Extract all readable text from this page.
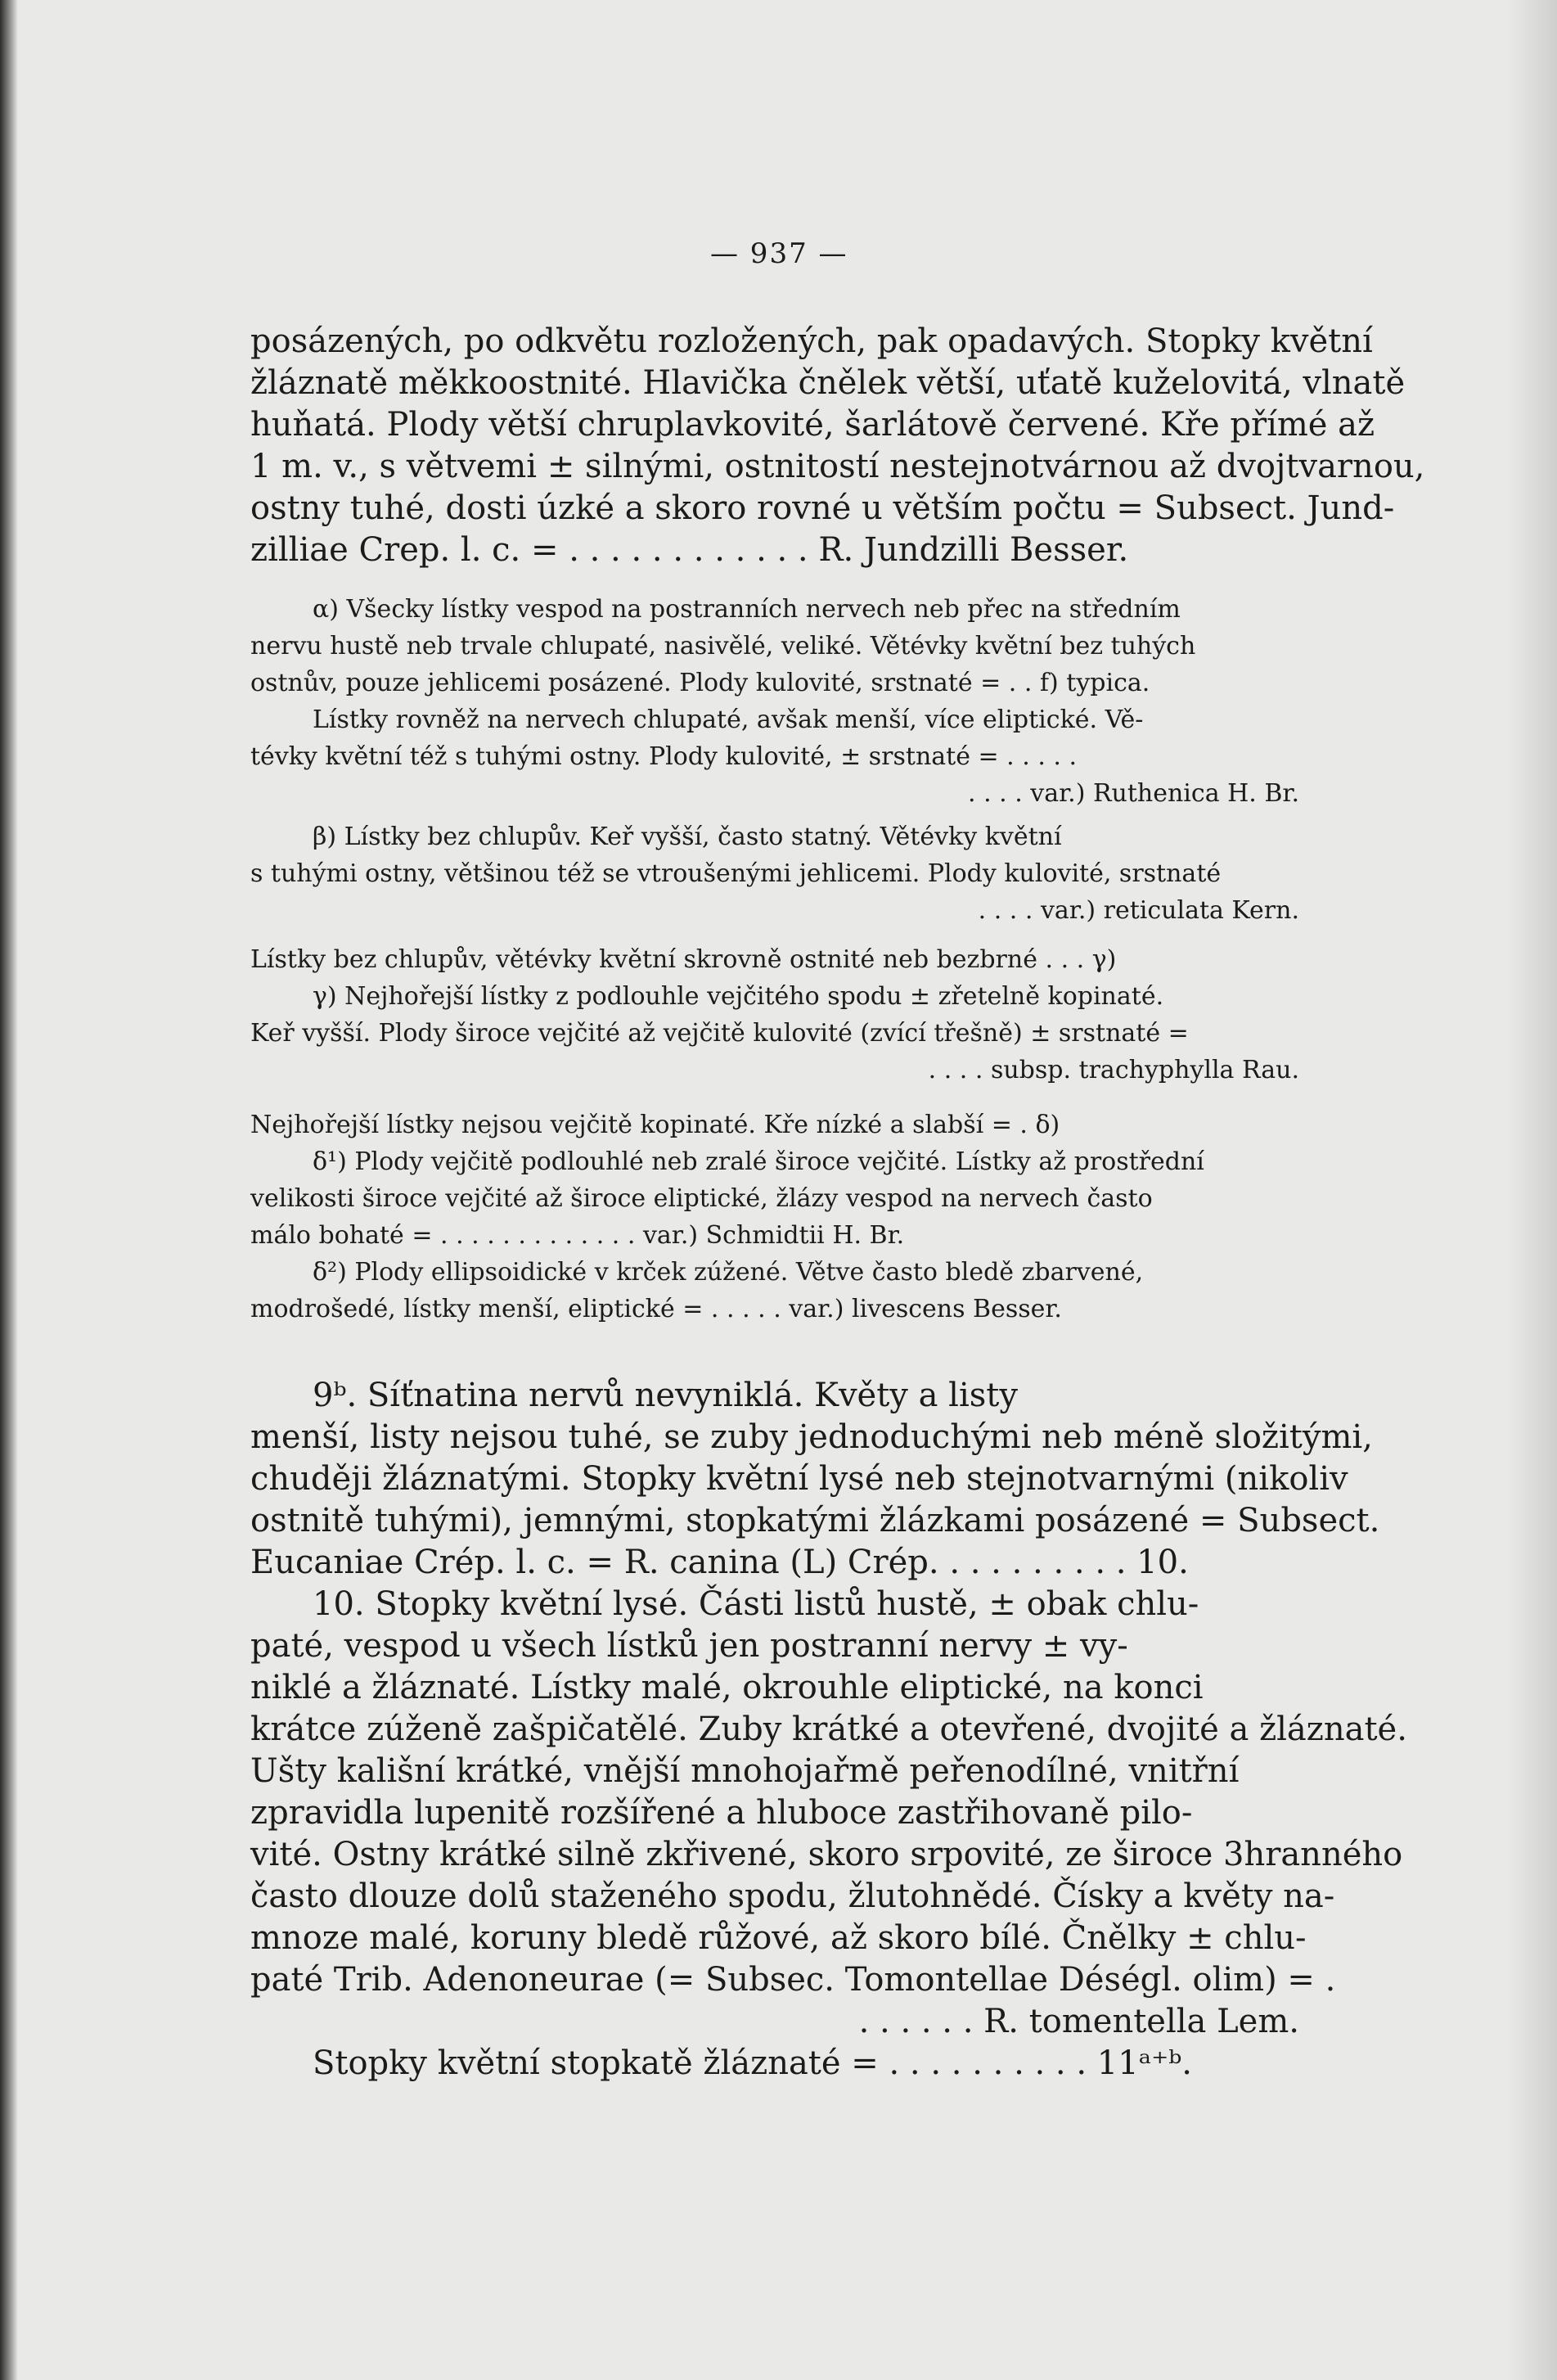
— 937 —
posázených, po odkvětu rozložených, pak opadavých. Stopky květní
žláznatě měkkoostnité. Hlavička čnělek větší, uťatě kuželovitá, vlnatě
huňatá. Plody větší chruplavkovité, šarlátově červené. Kře přímé až
1 m. v., s větvemi ± silnými, ostnitostí nestejnotvárnou až dvojtvarnou,
ostny tuhé, dosti úzké a skoro rovné u větším počtu = Subsect. Jund-
zilliae Crep. l. c. = . . . . . . . . . . . . R. Jundzilli Besser.
α) Všecky lístky vespod na postranních nervech neb přec na středním
nervu hustě neb trvale chlupaté, nasivělé, veliké. Větévky květní bez tuhých
ostnův, pouze jehlicemi posázené. Plody kulovité, srstnaté = . . f) typica.
Lístky rovněž na nervech chlupaté, avšak menší, více eliptické. Vě-
tévky květní též s tuhými ostny. Plody kulovité, ± srstnaté = . . . . .
. . . . var.) Ruthenica H. Br.
β) Lístky bez chlupův. Keř vyšší, často statný. Větévky květní
s tuhými ostny, většinou též se vtroušenými jehlicemi. Plody kulovité, srstnaté
. . . . var.) reticulata Kern.
Lístky bez chlupův, větévky květní skrovně ostnité neb bezbrné . . . γ)
γ) Nejhořejší lístky z podlouhle vejčitého spodu ± zřetelně kopinaté.
Keř vyšší. Plody široce vejčité až vejčitě kulovité (zvící třešně) ± srstnaté =
. . . . subsp. trachyphylla Rau.
Nejhořejší lístky nejsou vejčitě kopinaté. Kře nízké a slabší = . δ)
δ¹) Plody vejčitě podlouhlé neb zralé široce vejčité. Lístky až prostřední
velikosti široce vejčité až široce eliptické, žlázy vespod na nervech často
málo bohaté = . . . . . . . . . . . . . var.) Schmidtii H. Br.
δ²) Plody ellipsoidické v krček zúžené. Větve často bledě zbarvené,
modrošedé, lístky menší, eliptické = . . . . . var.) livescens Besser.
9ᵇ. Síťnatina nervů nevyniklá. Květy a listy
menší, listy nejsou tuhé, se zuby jednoduchými neb méně složitými,
chuději žláznatými. Stopky květní lysé neb stejnotvarnými (nikoliv
ostnitě tuhými), jemnými, stopkatými žlázkami posázené = Subsect.
Eucaniae Crép. l. c. = R. canina (L) Crép. . . . . . . . . . 10.
10. Stopky květní lysé. Části listů hustě, ± obak chlu-
paté, vespod u všech lístků jen postranní nervy ± vy-
niklé a žláznaté. Lístky malé, okrouhle eliptické, na konci
krátce zúženě zašpičatělé. Zuby krátké a otevřené, dvojité a žláznaté.
Ušty kališní krátké, vnější mnohojařmě peřenodílné, vnitřní
zpravidla lupenitě rozšířené a hluboce zastřihovaně pilo-
vité. Ostny krátké silně zkřivené, skoro srpovité, ze široce 3hranného
často dlouze dolů staženého spodu, žlutohnědé. Čísky a květy na-
mnoze malé, koruny bledě růžové, až skoro bílé. Čnělky ± chlu-
paté Trib. Adenoneurae (= Subsec. Tomontellae Déségl. olim) = .
. . . . . . R. tomentella Lem.
Stopky květní stopkatě žláznaté = . . . . . . . . . . 11ᵃ⁺ᵇ.
